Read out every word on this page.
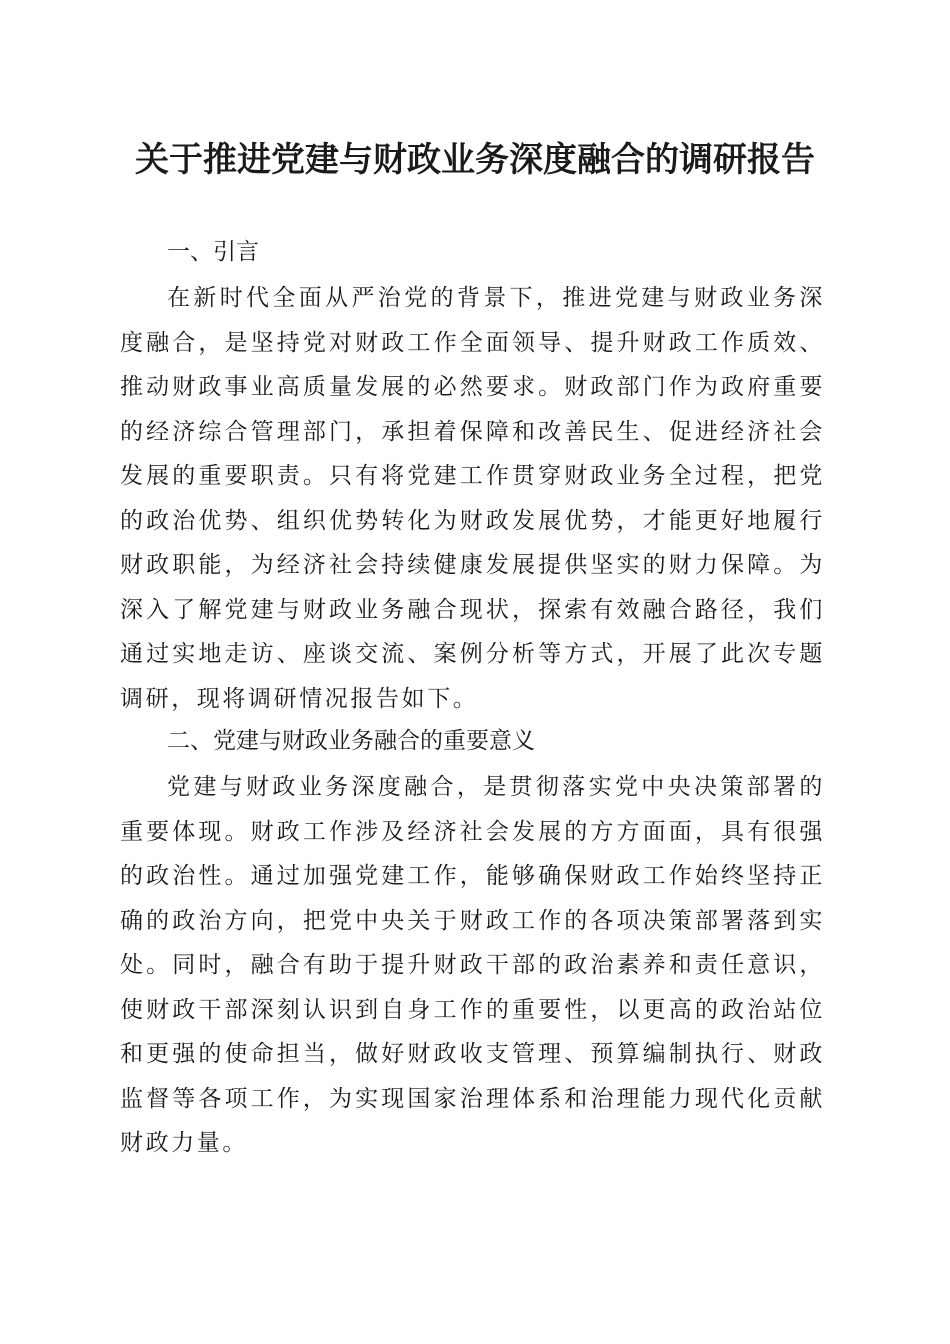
关于推进党建与财政业务深度融合的调研报告
一、引言

在新时代全面从严治党的背景下，推进党建与财政业务深度融合，是坚持党对财政工作全面领导、提升财政工作质效、推动财政事业高质量发展的必然要求。财政部门作为政府重要的经济综合管理部门，承担着保障和改善民生、促进经济社会发展的重要职责。只有将党建工作贯穿财政业务全过程，把党的政治优势、组织优势转化为财政发展优势，才能更好地履行财政职能，为经济社会持续健康发展提供坚实的财力保障。为深入了解党建与财政业务融合现状，探索有效融合路径，我们通过实地走访、座谈交流、案例分析等方式，开展了此次专题调研，现将调研情况报告如下。

二、党建与财政业务融合的重要意义

党建与财政业务深度融合，是贯彻落实党中央决策部署的重要体现。财政工作涉及经济社会发展的方方面面，具有很强的政治性。通过加强党建工作，能够确保财政工作始终坚持正确的政治方向，把党中央关于财政工作的各项决策部署落到实处。同时，融合有助于提升财政干部的政治素养和责任意识，使财政干部深刻认识到自身工作的重要性，以更高的政治站位和更强的使命担当，做好财政收支管理、预算编制执行、财政监督等各项工作，为实现国家治理体系和治理能力现代化贡献财政力量。
